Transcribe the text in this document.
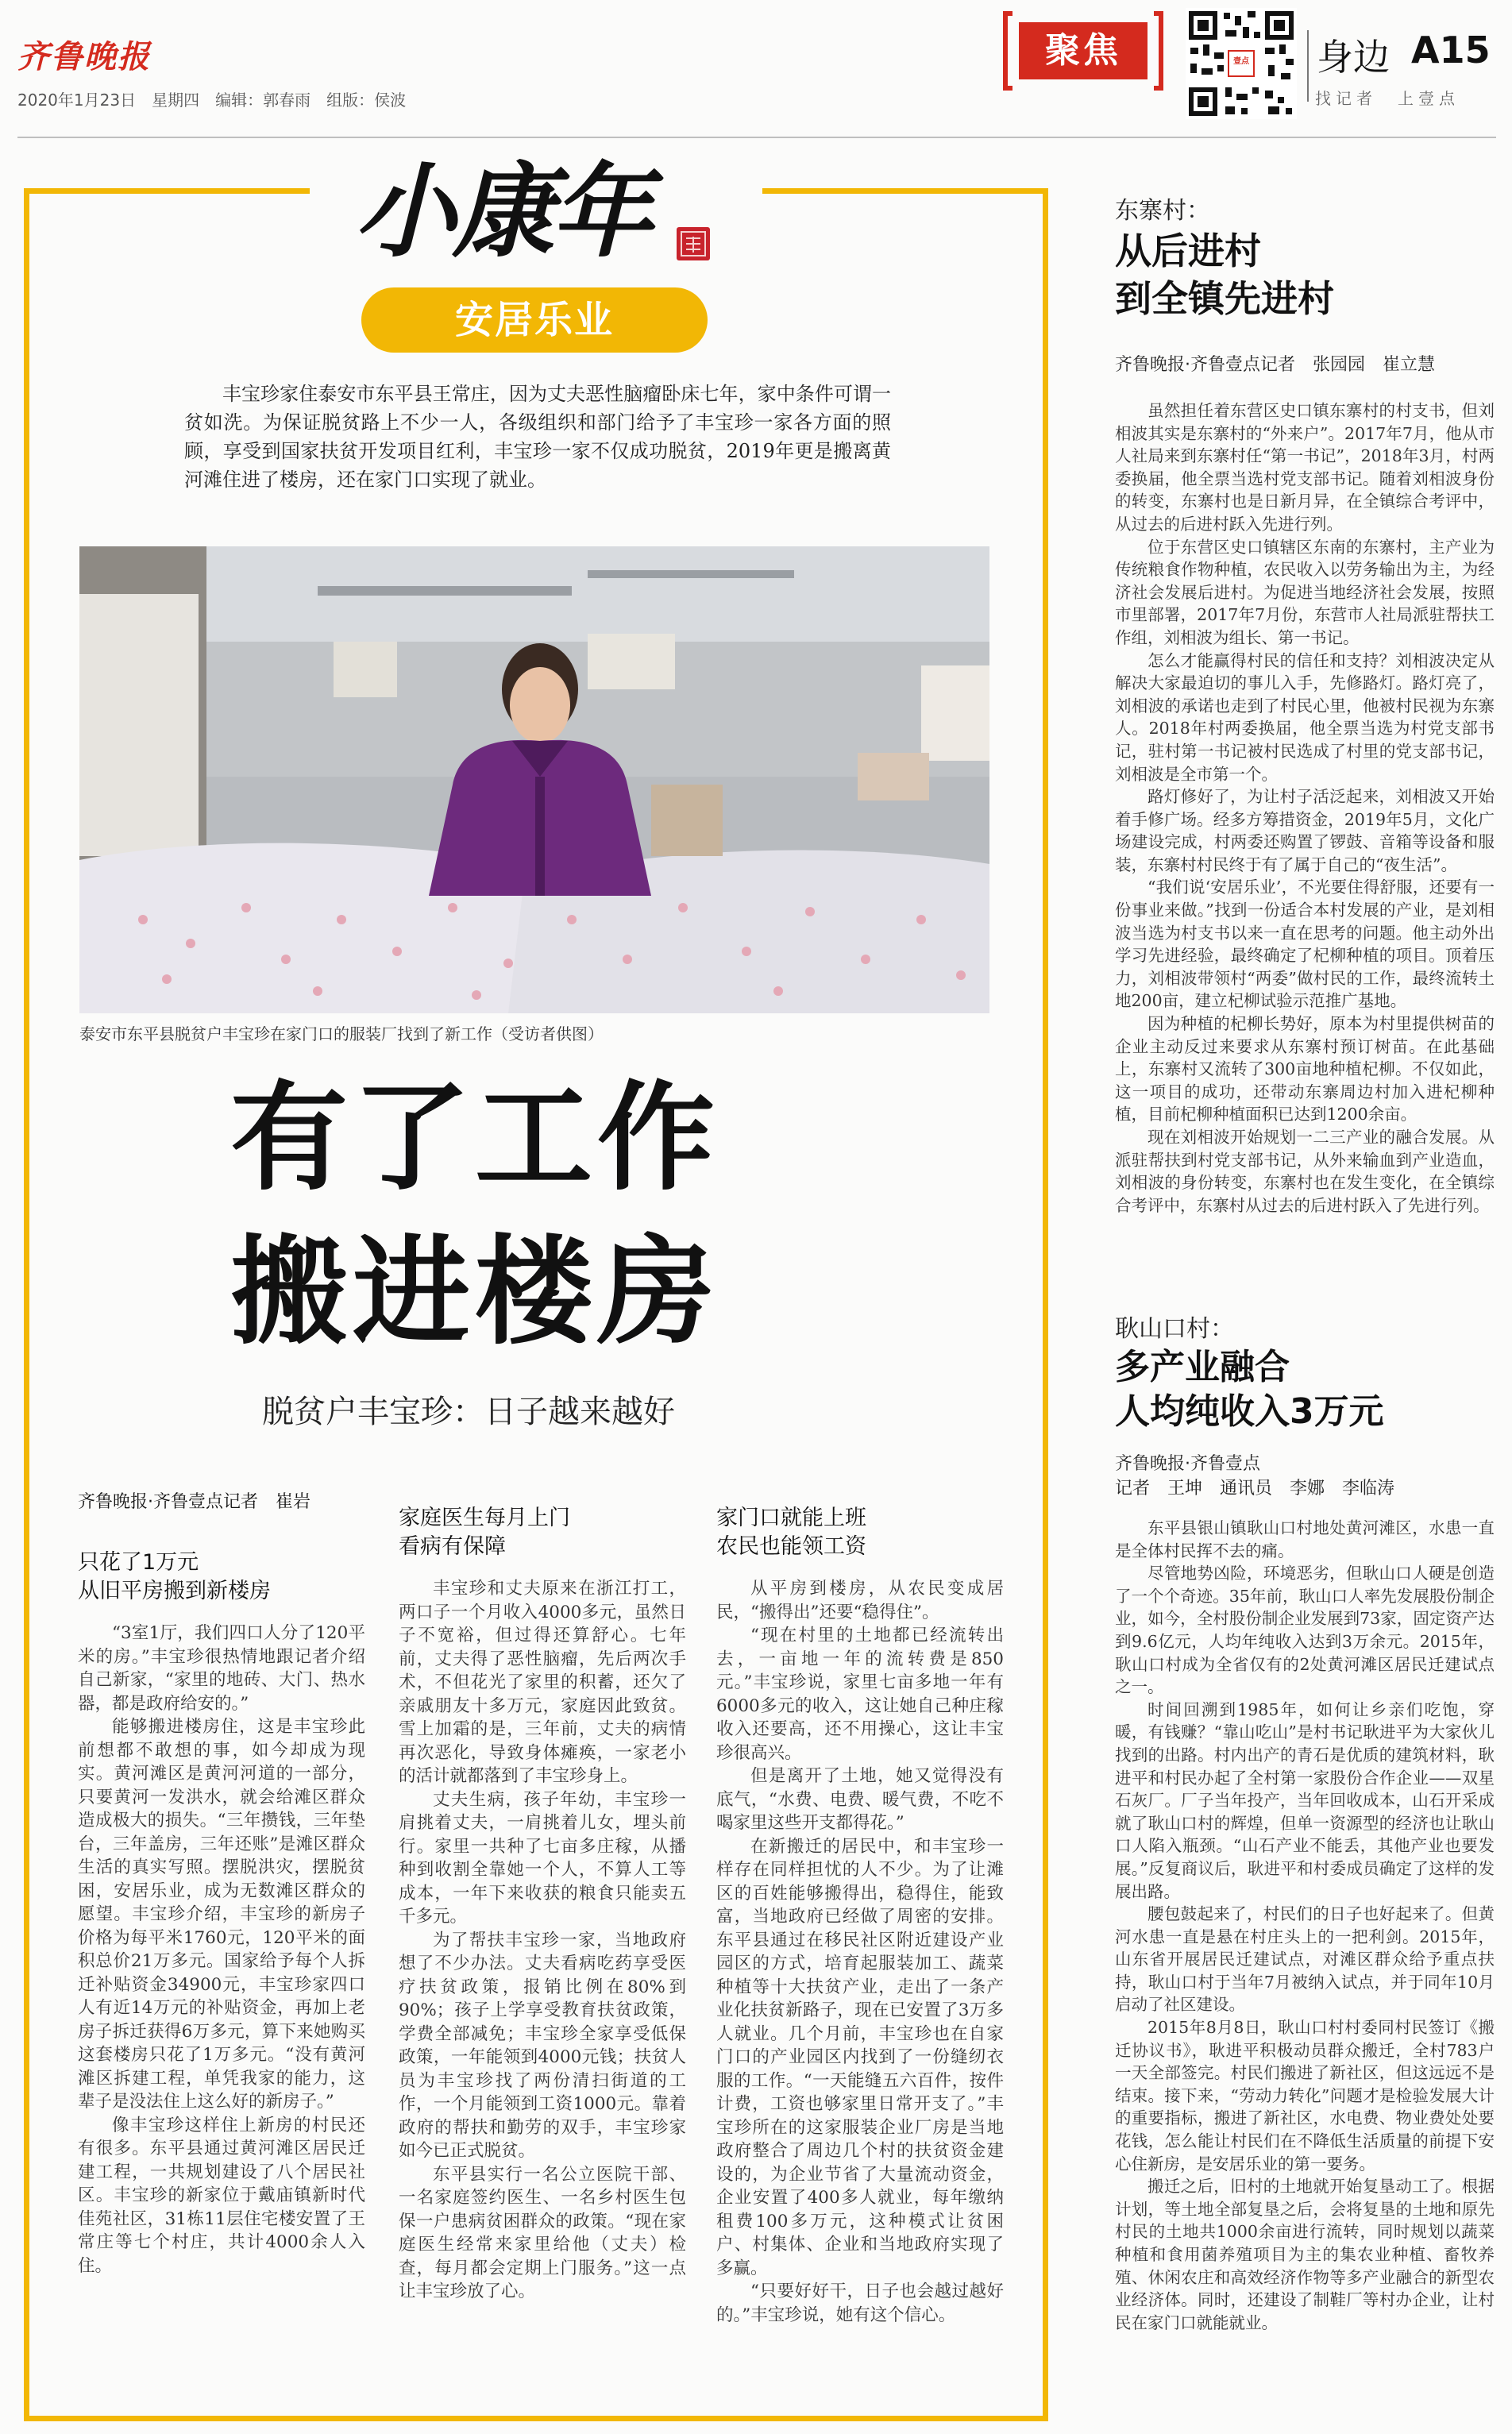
齐鲁晚报
2020年1月23日　星期四　编辑：郭春雨　组版：侯波
聚焦	壹点 身边 A15
找记者　上壹点
小康年
安居乐业
丰宝珍家住泰安市东平县王常庄，因为丈夫恶性脑瘤卧床七年，家中条件可谓一贫如洗。为保证脱贫路上不少一人，各级组织和部门给予了丰宝珍一家各方面的照顾，享受到国家扶贫开发项目红利，丰宝珍一家不仅成功脱贫，2019年更是搬离黄河滩住进了楼房，还在家门口实现了就业。
泰安市东平县脱贫户丰宝珍在家门口的服装厂找到了新工作（受访者供图）
有了工作
搬进楼房
脱贫户丰宝珍：日子越来越好
齐鲁晚报·齐鲁壹点记者　崔岩
只花了1万元
从旧平房搬到新楼房

“3室1厅，我们四口人分了120平米的房。”丰宝珍很热情地跟记者介绍自己新家，“家里的地砖、大门、热水器，都是政府给安的。”

能够搬进楼房住，这是丰宝珍此前想都不敢想的事，如今却成为现实。黄河滩区是黄河河道的一部分，只要黄河一发洪水，就会给滩区群众造成极大的损失。“三年攒钱，三年垫台，三年盖房，三年还账”是滩区群众生活的真实写照。摆脱洪灾，摆脱贫困，安居乐业，成为无数滩区群众的愿望。丰宝珍介绍，丰宝珍的新房子价格为每平米1760元，120平米的面积总价21万多元。国家给予每个人拆迁补贴资金34900元，丰宝珍家四口人有近14万元的补贴资金，再加上老房子拆迁获得6万多元，算下来她购买这套楼房只花了1万多元。“没有黄河滩区拆建工程，单凭我家的能力，这辈子是没法住上这么好的新房子。”

像丰宝珍这样住上新房的村民还有很多。东平县通过黄河滩区居民迁建工程，一共规划建设了八个居民社区。丰宝珍的新家位于戴庙镇新时代佳苑社区，31栋11层住宅楼安置了王常庄等七个村庄，共计4000余人入住。

家庭医生每月上门
看病有保障

丰宝珍和丈夫原来在浙江打工，两口子一个月收入4000多元，虽然日子不宽裕，但过得还算舒心。七年前，丈夫得了恶性脑瘤，先后两次手术，不但花光了家里的积蓄，还欠了亲戚朋友十多万元，家庭因此致贫。雪上加霜的是，三年前，丈夫的病情再次恶化，导致身体瘫痪，一家老小的活计就都落到了丰宝珍身上。

丈夫生病，孩子年幼，丰宝珍一肩挑着丈夫，一肩挑着儿女，埋头前行。家里一共种了七亩多庄稼，从播种到收割全靠她一个人，不算人工等成本，一年下来收获的粮食只能卖五千多元。

为了帮扶丰宝珍一家，当地政府想了不少办法。丈夫看病吃药享受医疗扶贫政策，报销比例在80%到90%；孩子上学享受教育扶贫政策，学费全部减免；丰宝珍全家享受低保政策，一年能领到4000元钱；扶贫人员为丰宝珍找了两份清扫街道的工作，一个月能领到工资1000元。靠着政府的帮扶和勤劳的双手，丰宝珍家如今已正式脱贫。

东平县实行一名公立医院干部、一名家庭签约医生、一名乡村医生包保一户患病贫困群众的政策。“现在家庭医生经常来家里给他（丈夫）检查，每月都会定期上门服务。”这一点让丰宝珍放了心。

家门口就能上班
农民也能领工资

从平房到楼房，从农民变成居民，“搬得出”还要“稳得住”。

“现在村里的土地都已经流转出去，一亩地一年的流转费是850元。”丰宝珍说，家里七亩多地一年有6000多元的收入，这让她自己种庄稼收入还要高，还不用操心，这让丰宝珍很高兴。

但是离开了土地，她又觉得没有底气，“水费、电费、暖气费，不吃不喝家里这些开支都得花。”

在新搬迁的居民中，和丰宝珍一样存在同样担忧的人不少。为了让滩区的百姓能够搬得出，稳得住，能致富，当地政府已经做了周密的安排。东平县通过在移民社区附近建设产业园区的方式，培育起服装加工、蔬菜种植等十大扶贫产业，走出了一条产业化扶贫新路子，现在已安置了3万多人就业。几个月前，丰宝珍也在自家门口的产业园区内找到了一份缝纫衣服的工作。“一天能缝五六百件，按件计费，工资也够家里日常开支了。”丰宝珍所在的这家服装企业厂房是当地政府整合了周边几个村的扶贫资金建设的，为企业节省了大量流动资金，企业安置了400多人就业，每年缴纳租费100多万元，这种模式让贫困户、村集体、企业和当地政府实现了多赢。

“只要好好干，日子也会越过越好的。”丰宝珍说，她有这个信心。

东寨村：
从后进村
到全镇先进村
齐鲁晚报·齐鲁壹点记者　张园园　崔立慧

虽然担任着东营区史口镇东寨村的村支书，但刘相波其实是东寨村的“外来户”。2017年7月，他从市人社局来到东寨村任“第一书记”，2018年3月，村两委换届，他全票当选村党支部书记。随着刘相波身份的转变，东寨村也是日新月异，在全镇综合考评中，从过去的后进村跃入先进行列。

位于东营区史口镇辖区东南的东寨村，主产业为传统粮食作物种植，农民收入以劳务输出为主，为经济社会发展后进村。为促进当地经济社会发展，按照市里部署，2017年7月份，东营市人社局派驻帮扶工作组，刘相波为组长、第一书记。

怎么才能赢得村民的信任和支持？刘相波决定从解决大家最迫切的事儿入手，先修路灯。路灯亮了，刘相波的承诺也走到了村民心里，他被村民视为东寨人。2018年村两委换届，他全票当选为村党支部书记，驻村第一书记被村民选成了村里的党支部书记，刘相波是全市第一个。

路灯修好了，为让村子活泛起来，刘相波又开始着手修广场。经多方筹措资金，2019年5月，文化广场建设完成，村两委还购置了锣鼓、音箱等设备和服装，东寨村村民终于有了属于自己的“夜生活”。

“我们说‘安居乐业’，不光要住得舒服，还要有一份事业来做。”找到一份适合本村发展的产业，是刘相波当选为村支书以来一直在思考的问题。他主动外出学习先进经验，最终确定了杞柳种植的项目。顶着压力，刘相波带领村“两委”做村民的工作，最终流转土地200亩，建立杞柳试验示范推广基地。

因为种植的杞柳长势好，原本为村里提供树苗的企业主动反过来要求从东寨村预订树苗。在此基础上，东寨村又流转了300亩地种植杞柳。不仅如此，这一项目的成功，还带动东寨周边村加入进杞柳种植，目前杞柳种植面积已达到1200余亩。

现在刘相波开始规划一二三产业的融合发展。从派驻帮扶到村党支部书记，从外来输血到产业造血，刘相波的身份转变，东寨村也在发生变化，在全镇综合考评中，东寨村从过去的后进村跃入了先进行列。

耿山口村：
多产业融合
人均纯收入3万元
齐鲁晚报·齐鲁壹点
记者　王坤　通讯员　李娜　李临涛

东平县银山镇耿山口村地处黄河滩区，水患一直是全体村民挥不去的痛。

尽管地势凶险，环境恶劣，但耿山口人硬是创造了一个个奇迹。35年前，耿山口人率先发展股份制企业，如今，全村股份制企业发展到73家，固定资产达到9.6亿元，人均年纯收入达到3万余元。2015年，耿山口村成为全省仅有的2处黄河滩区居民迁建试点之一。

时间回溯到1985年，如何让乡亲们吃饱，穿暖，有钱赚？“靠山吃山”是村书记耿进平为大家伙儿找到的出路。村内出产的青石是优质的建筑材料，耿进平和村民办起了全村第一家股份合作企业——双星石灰厂。厂子当年投产，当年回收成本，山石开采成就了耿山口村的辉煌，但单一资源型的经济也让耿山口人陷入瓶颈。“山石产业不能丢，其他产业也要发展。”反复商议后，耿进平和村委成员确定了这样的发展出路。

腰包鼓起来了，村民们的日子也好起来了。但黄河水患一直是悬在村庄头上的一把利剑。2015年，山东省开展居民迁建试点，对滩区群众给予重点扶持，耿山口村于当年7月被纳入试点，并于同年10月启动了社区建设。

2015年8月8日，耿山口村村委同村民签订《搬迁协议书》，耿进平积极动员群众搬迁，全村783户一天全部签完。村民们搬进了新社区，但这远远不是结束。接下来，“劳动力转化”问题才是检验发展大计的重要指标，搬进了新社区，水电费、物业费处处要花钱，怎么能让村民们在不降低生活质量的前提下安心住新房，是安居乐业的第一要务。

搬迁之后，旧村的土地就开始复垦动工了。根据计划，等土地全部复垦之后，会将复垦的土地和原先村民的土地共1000余亩进行流转，同时规划以蔬菜种植和食用菌养殖项目为主的集农业种植、畜牧养殖、休闲农庄和高效经济作物等多产业融合的新型农业经济体。同时，还建设了制鞋厂等村办企业，让村民在家门口就能就业。
